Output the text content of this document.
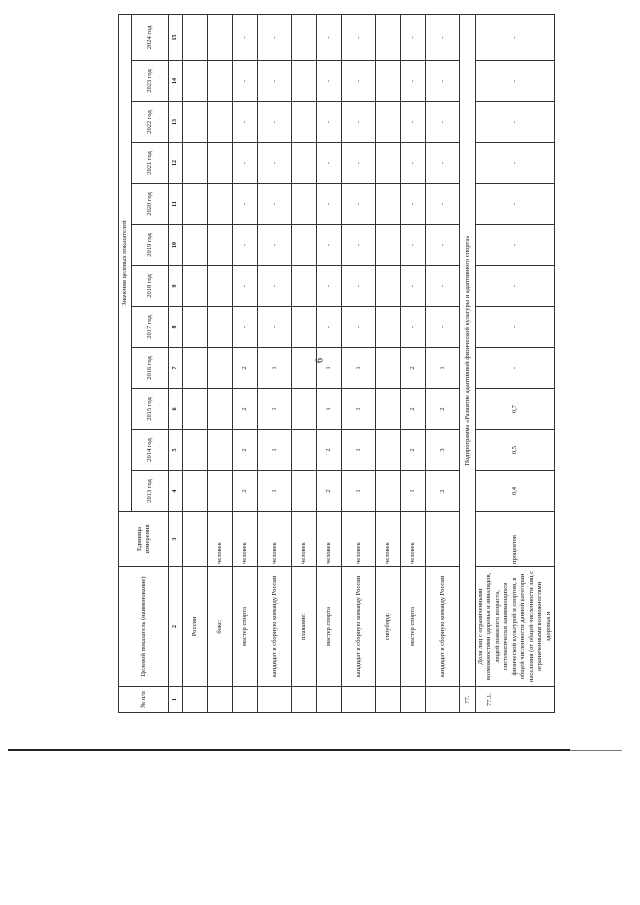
6
№ п/п	Целевой показатель (наименование)	Единица измерения	Значения целевых показателей											
			2013 год	2014 год	2015 год	2016 год	2017 год	2018 год	2019 год	2020 год	2021 год	2022 год	2023 год	2024 год
1	2	3	4	5	6	7	8	9	10	11	12	13	14	15
	России													
	бокс:	человек												
	мастер спорта	человек	2	2	2	2	-	-	-	-	-	-	-	-
	кандидат в сборную команду России	человек	1	1	1	1	-	-	-	-	-	-	-	-
	плавание:	человек												
	мастер спорта	человек	2	2	1	1	-	-	-	-	-	-	-	-
	кандидат в сборную команду России	человек	1	1	1	1	-	-	-	-	-	-	-	-
	сноуборд:	человек												
	мастер спорта	человек	1	2	2	2	-	-	-	-	-	-	-	-
	кандидат в сборную команду России		2	3	2	1	-	-	-	-	-	-	-	-
77.	Подпрограмма «Развитие адаптивной физической культуры и адаптивного спорта»													
77.1.	Доля лиц с ограниченными возможностями здоровья и инвалидов, людей пожилого возраста, систематически занимающихся физической культурой и спортом, в общей численности данной категории населения (от общей численности лиц с ограниченными возможностями здоровья и	процентов	0,4	0,5	0,7	-	-	-	-	-	-	-	-	-
